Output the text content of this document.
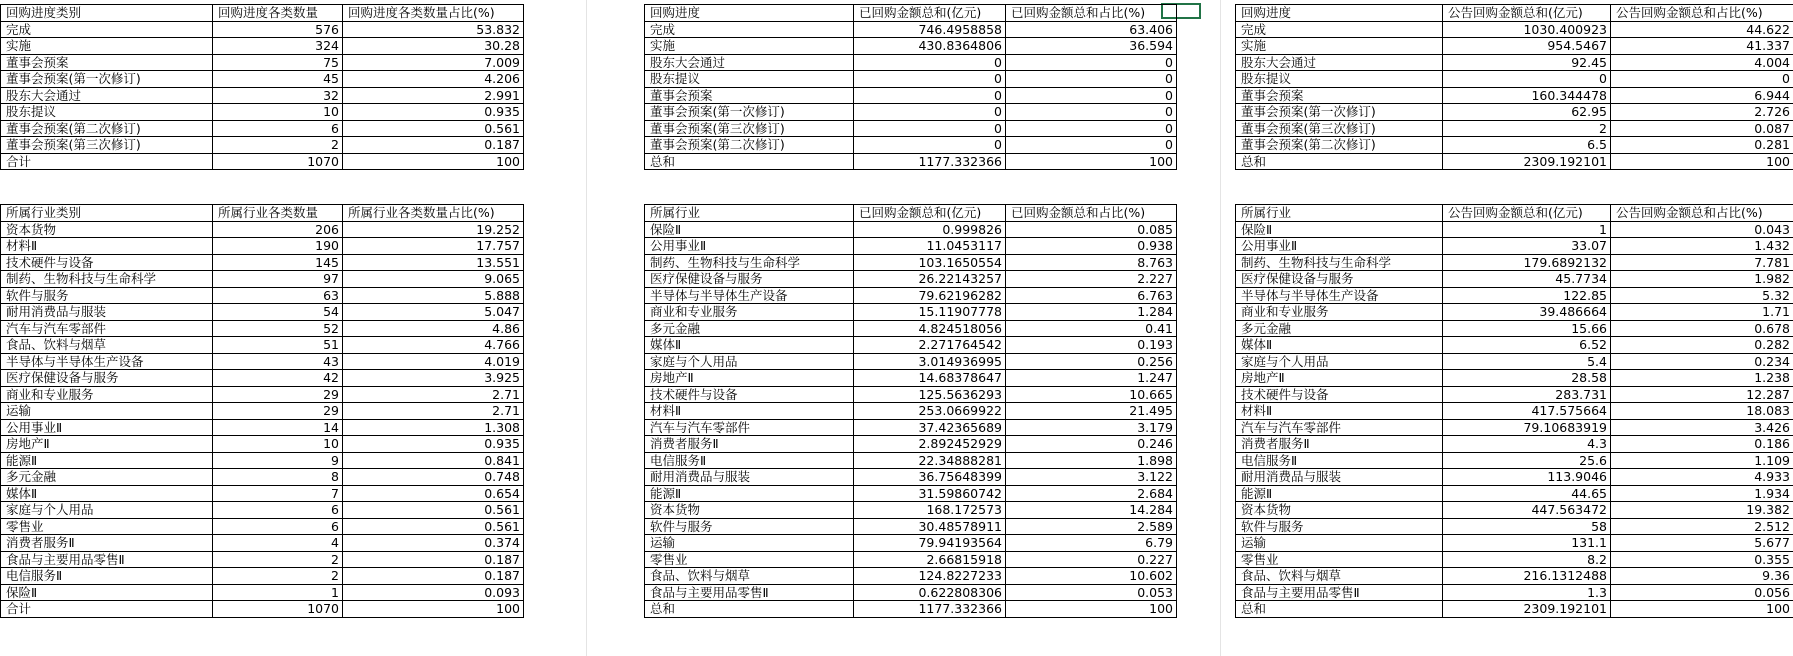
回购进度类别	回购进度各类数量	回购进度各类数量占比(%)
完成	576	53.832
实施	324	30.28
董事会预案	75	7.009
董事会预案(第一次修订)	45	4.206
股东大会通过	32	2.991
股东提议	10	0.935
董事会预案(第二次修订)	6	0.561
董事会预案(第三次修订)	2	0.187
合计	1070	100
回购进度	已回购金额总和(亿元)	已回购金额总和占比(%)
完成	746.4958858	63.406
实施	430.8364806	36.594
股东大会通过	0	0
股东提议	0	0
董事会预案	0	0
董事会预案(第一次修订)	0	0
董事会预案(第三次修订)	0	0
董事会预案(第二次修订)	0	0
总和	1177.332366	100
回购进度	公告回购金额总和(亿元)	公告回购金额总和占比(%)
完成	1030.400923	44.622
实施	954.5467	41.337
股东大会通过	92.45	4.004
股东提议	0	0
董事会预案	160.344478	6.944
董事会预案(第一次修订)	62.95	2.726
董事会预案(第三次修订)	2	0.087
董事会预案(第二次修订)	6.5	0.281
总和	2309.192101	100
所属行业类别	所属行业各类数量	所属行业各类数量占比(%)
资本货物	206	19.252
材料Ⅱ	190	17.757
技术硬件与设备	145	13.551
制药、生物科技与生命科学	97	9.065
软件与服务	63	5.888
耐用消费品与服装	54	5.047
汽车与汽车零部件	52	4.86
食品、饮料与烟草	51	4.766
半导体与半导体生产设备	43	4.019
医疗保健设备与服务	42	3.925
商业和专业服务	29	2.71
运输	29	2.71
公用事业Ⅱ	14	1.308
房地产Ⅱ	10	0.935
能源Ⅱ	9	0.841
多元金融	8	0.748
媒体Ⅱ	7	0.654
家庭与个人用品	6	0.561
零售业	6	0.561
消费者服务Ⅱ	4	0.374
食品与主要用品零售Ⅱ	2	0.187
电信服务Ⅱ	2	0.187
保险Ⅱ	1	0.093
合计	1070	100
所属行业	已回购金额总和(亿元)	已回购金额总和占比(%)
保险Ⅱ	0.999826	0.085
公用事业Ⅱ	11.0453117	0.938
制药、生物科技与生命科学	103.1650554	8.763
医疗保健设备与服务	26.22143257	2.227
半导体与半导体生产设备	79.62196282	6.763
商业和专业服务	15.11907778	1.284
多元金融	4.824518056	0.41
媒体Ⅱ	2.271764542	0.193
家庭与个人用品	3.014936995	0.256
房地产Ⅱ	14.68378647	1.247
技术硬件与设备	125.5636293	10.665
材料Ⅱ	253.0669922	21.495
汽车与汽车零部件	37.42365689	3.179
消费者服务Ⅱ	2.892452929	0.246
电信服务Ⅱ	22.34888281	1.898
耐用消费品与服装	36.75648399	3.122
能源Ⅱ	31.59860742	2.684
资本货物	168.172573	14.284
软件与服务	30.48578911	2.589
运输	79.94193564	6.79
零售业	2.66815918	0.227
食品、饮料与烟草	124.8227233	10.602
食品与主要用品零售Ⅱ	0.622808306	0.053
总和	1177.332366	100
所属行业	公告回购金额总和(亿元)	公告回购金额总和占比(%)
保险Ⅱ	1	0.043
公用事业Ⅱ	33.07	1.432
制药、生物科技与生命科学	179.6892132	7.781
医疗保健设备与服务	45.7734	1.982
半导体与半导体生产设备	122.85	5.32
商业和专业服务	39.486664	1.71
多元金融	15.66	0.678
媒体Ⅱ	6.52	0.282
家庭与个人用品	5.4	0.234
房地产Ⅱ	28.58	1.238
技术硬件与设备	283.731	12.287
材料Ⅱ	417.575664	18.083
汽车与汽车零部件	79.10683919	3.426
消费者服务Ⅱ	4.3	0.186
电信服务Ⅱ	25.6	1.109
耐用消费品与服装	113.9046	4.933
能源Ⅱ	44.65	1.934
资本货物	447.563472	19.382
软件与服务	58	2.512
运输	131.1	5.677
零售业	8.2	0.355
食品、饮料与烟草	216.1312488	9.36
食品与主要用品零售Ⅱ	1.3	0.056
总和	2309.192101	100
